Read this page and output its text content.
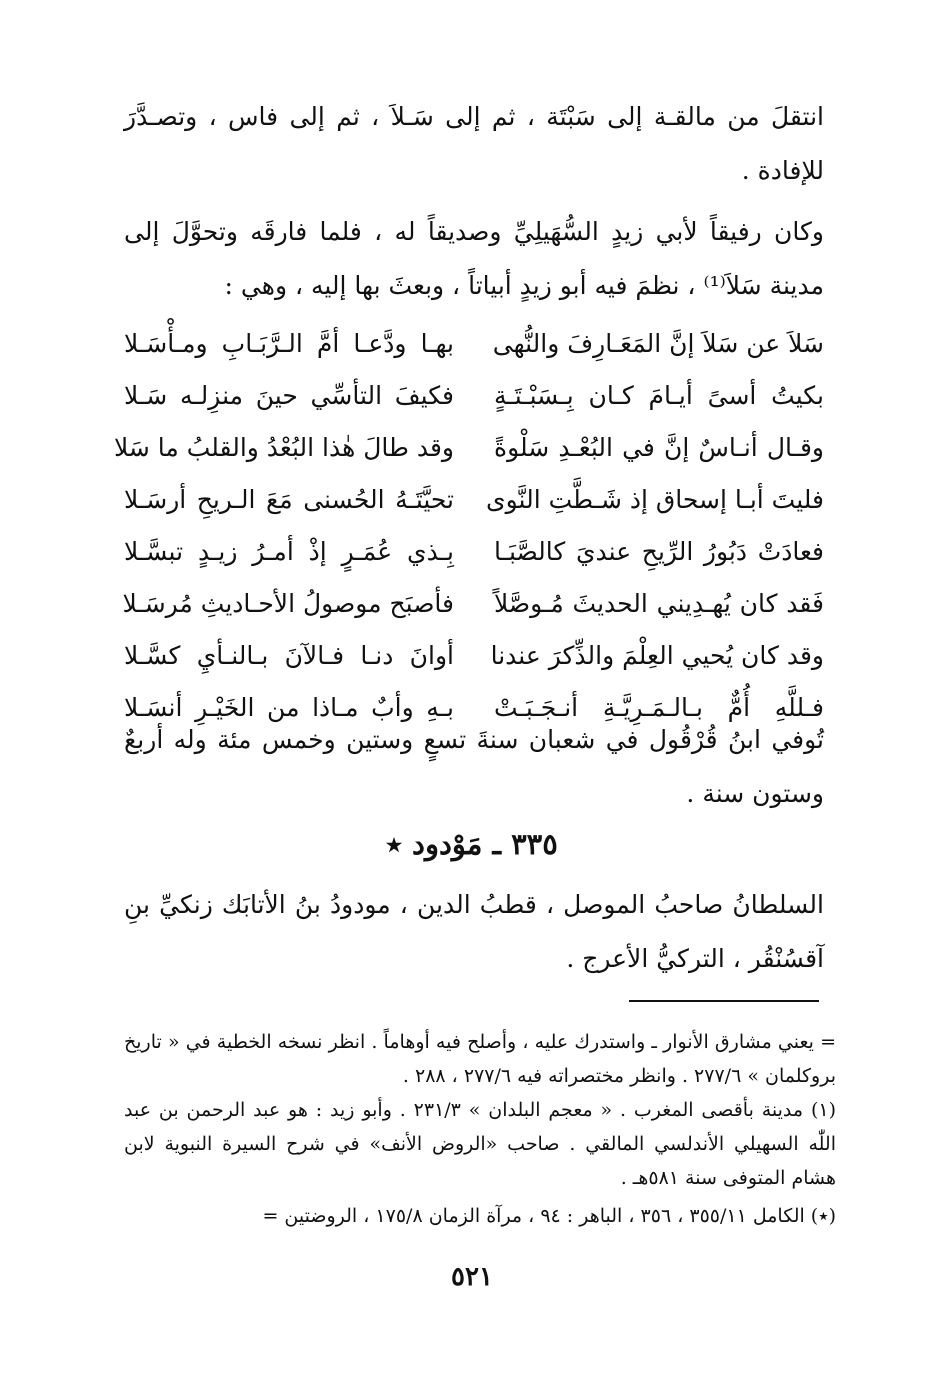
انتقلَ من مالقـة إلى سَبْتَة ، ثم إلى سَـلاَ ، ثم إلى فاس ، وتصـدَّرَ للإفادة .
وكان رفيقاً لأبي زيدٍ السُّهَيلِيِّ وصديقاً له ، فلما فارقَه وتحوَّلَ إلى مدينة سَلاَ⁽¹⁾ ، نظمَ فيه أبو زيدٍ أبياتاً ، وبعثَ بها إليه ، وهي :
سَلاَ عن سَلاَ إنَّ المَعَـارِفَ والنُّهى
بهـا ودَّعـا أمَّ الـرَّبَـابِ ومـأْسَـلا
بكيتُ أسىً أيـامَ كـان بِـسَبْـتَـةٍ
فكيفَ التأسِّي حينَ منزِلـه سَـلا
وقـال أنـاسٌ إنَّ في البُعْـدِ سَلْوةً
وقد طالَ هٰذا البُعْدُ والقلبُ ما سَلا
فليتَ أبـا إسحاق إذ شَـطَّتِ النَّوى
تحيَّتَـهُ الحُسنى مَعَ الـريحِ أرسَـلا
فعادَتْ دَبُورُ الرِّيحِ عنديَ كالصَّبَـا
بِـذي عُمَـرٍ إذْ أمـرُ زيـدٍ تبسَّـلا
فَقد كان يُهـدِيني الحديثَ مُـوصَّلاً
فأصبَح موصولُ الأحـاديثِ مُرسَـلا
وقد كان يُحيي العِلْمَ والذِّكرَ عندنا
أوانَ دنـا فـالآنَ بـالنـأيِ كسَّـلا
فـللَّهِ أُمٌّ بـالـمَـرِيَّـةِ أنـجَـبَـتْ
بـهِ وأبٌ مـاذا من الخَيْـرِ أنسَـلا
تُوفي ابنُ قُرْقُول في شعبان سنةَ تسعٍ وستين وخمس مئة وله أربعٌ وستون سنة .
٣٣٥ ـ مَوْدود ٭
السلطانُ صاحبُ الموصل ، قطبُ الدين ، مودودُ بنُ الأتابَك زنكيِّ بنِ آقسُنْقُر ، التركيُّ الأعرج .

= يعني مشارق الأنوار ـ واستدرك عليه ، وأصلح فيه أوهاماً . انظر نسخه الخطية في « تاريخ بروكلمان » ٢٧٧/٦ . وانظر مختصراته فيه ٢٧٧/٦ ، ٢٨٨ .

(١) مدينة بأقصى المغرب . « معجم البلدان » ٢٣١/٣ . وأبو زيد : هو عبد الرحمن بن عبد اللّٰه السهيلي الأندلسي المالقي . صاحب «الروض الأنف» في شرح السيرة النبوية لابن هشام المتوفى سنة ٥٨١هـ .

(٭) الكامل ٣٥٥/١١ ، ٣٥٦ ، الباهر : ٩٤ ، مرآة الزمان ١٧٥/٨ ، الروضتين =

٥٢١
